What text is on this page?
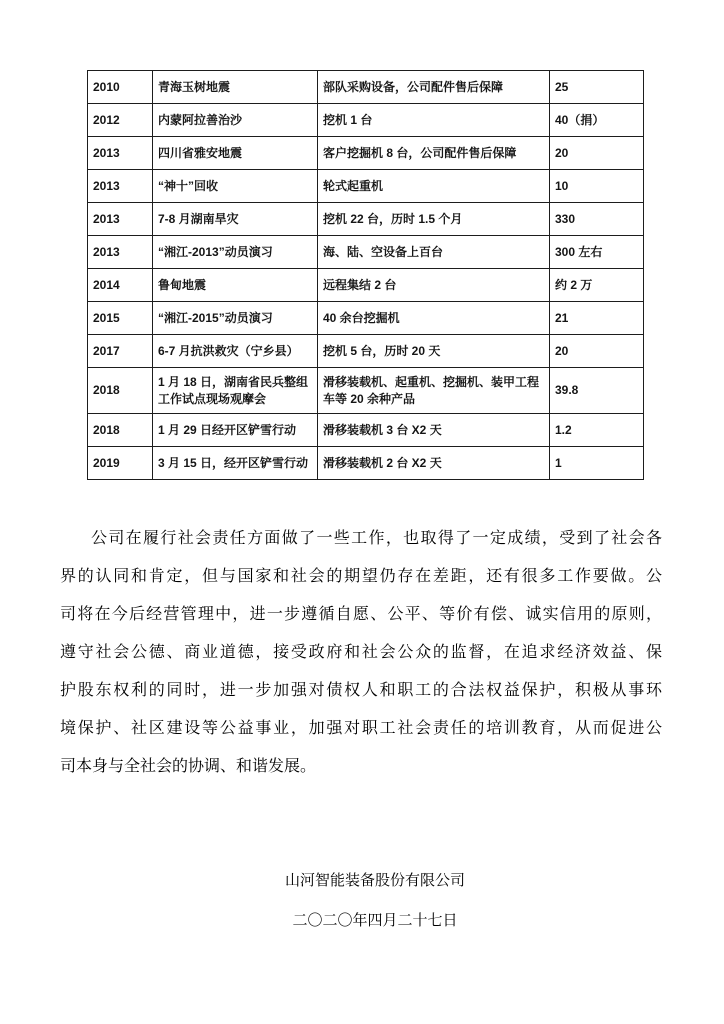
2010	青海玉树地震	部队采购设备，公司配件售后保障	25
2012	内蒙阿拉善治沙	挖机 1 台	40（捐）
2013	四川省雅安地震	客户挖掘机 8 台，公司配件售后保障	20
2013	“神十”回收	轮式起重机	10
2013	7-8 月湖南旱灾	挖机 22 台，历时 1.5 个月	330
2013	“湘江-2013”动员演习	海、陆、空设备上百台	300 左右
2014	鲁甸地震	远程集结 2 台	约 2 万
2015	“湘江-2015”动员演习	40 余台挖掘机	21
2017	6-7 月抗洪救灾（宁乡县）	挖机 5 台，历时 20 天	20
2018	1 月 18 日，湖南省民兵整组工作试点现场观摩会	滑移装载机、起重机、挖掘机、装甲工程车等 20 余种产品	39.8
2018	1 月 29 日经开区铲雪行动	滑移装载机 3 台 X2 天	1.2
2019	3 月 15 日，经开区铲雪行动	滑移装载机 2 台 X2 天	1
公司在履行社会责任方面做了一些工作，也取得了一定成绩，受到了社会各
界的认同和肯定，但与国家和社会的期望仍存在差距，还有很多工作要做。公
司将在今后经营管理中，进一步遵循自愿、公平、等价有偿、诚实信用的原则，
遵守社会公德、商业道德，接受政府和社会公众的监督，在追求经济效益、保
护股东权利的同时，进一步加强对债权人和职工的合法权益保护，积极从事环
境保护、社区建设等公益事业，加强对职工社会责任的培训教育，从而促进公
司本身与全社会的协调、和谐发展。
山河智能装备股份有限公司
二〇二〇年四月二十七日
